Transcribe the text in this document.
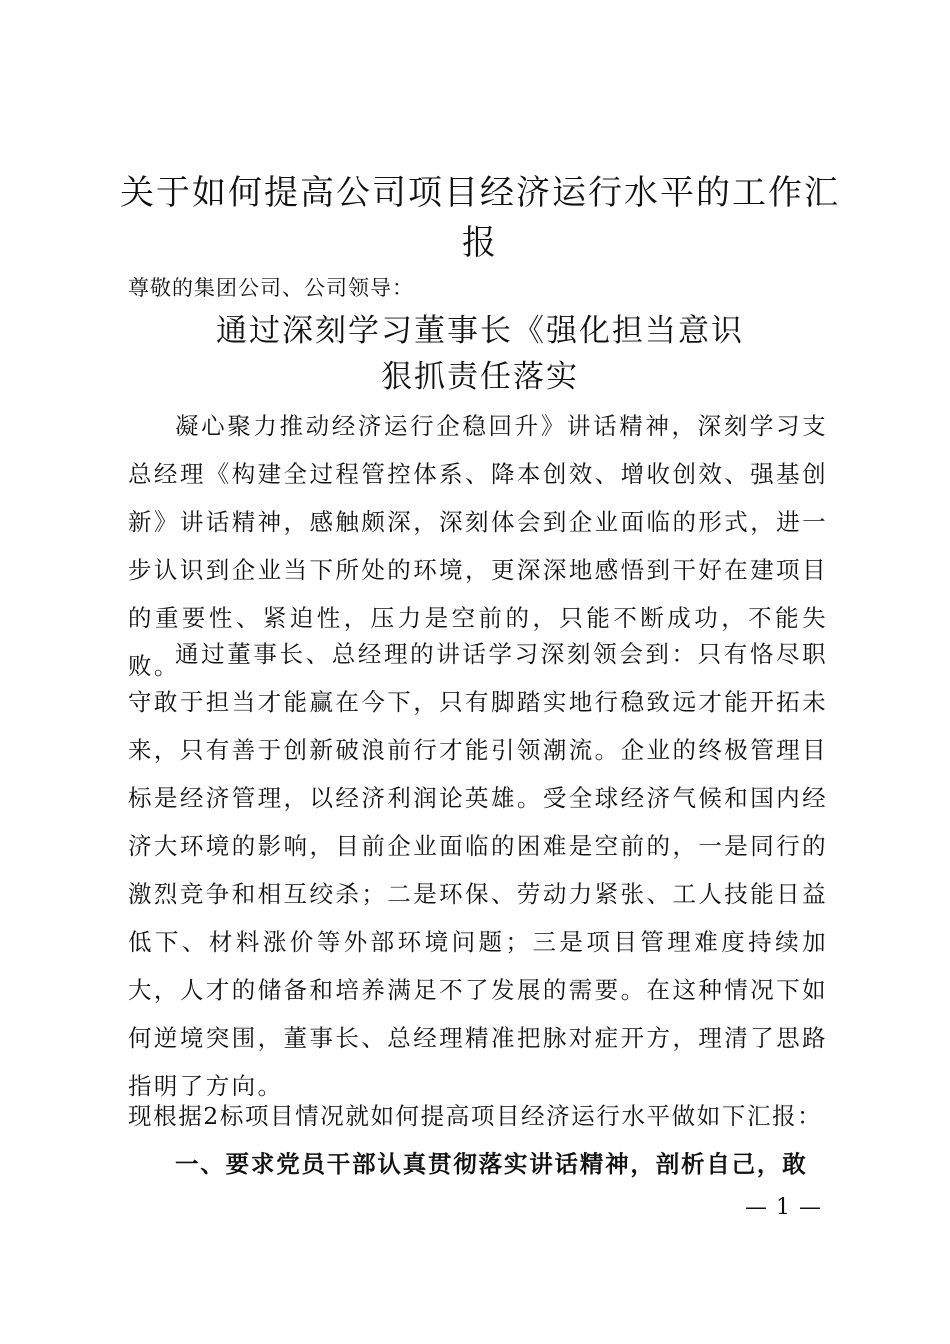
关于如何提高公司项目经济运行水平的工作汇报

尊敬的集团公司、公司领导：

通过深刻学习董事长《强化担当意识
狠抓责任落实

凝心聚力推动经济运行企稳回升》讲话精神，深刻学习支总经理《构建全过程管控体系、降本创效、增收创效、强基创新》讲话精神，感触颇深，深刻体会到企业面临的形式，进一步认识到企业当下所处的环境，更深深地感悟到干好在建项目的重要性、紧迫性，压力是空前的，只能不断成功，不能失败。

通过董事长、总经理的讲话学习深刻领会到：只有恪尽职守敢于担当才能赢在今下，只有脚踏实地行稳致远才能开拓未来，只有善于创新破浪前行才能引领潮流。企业的终极管理目标是经济管理，以经济利润论英雄。受全球经济气候和国内经济大环境的影响，目前企业面临的困难是空前的，一是同行的激烈竞争和相互绞杀；二是环保、劳动力紧张、工人技能日益低下、材料涨价等外部环境问题；三是项目管理难度持续加大，人才的储备和培养满足不了发展的需要。在这种情况下如何逆境突围，董事长、总经理精准把脉对症开方，理清了思路指明了方向。

现根据2标项目情况就如何提高项目经济运行水平做如下汇报：

一、要求党员干部认真贯彻落实讲话精神，剖析自己，敢

— 1 —
